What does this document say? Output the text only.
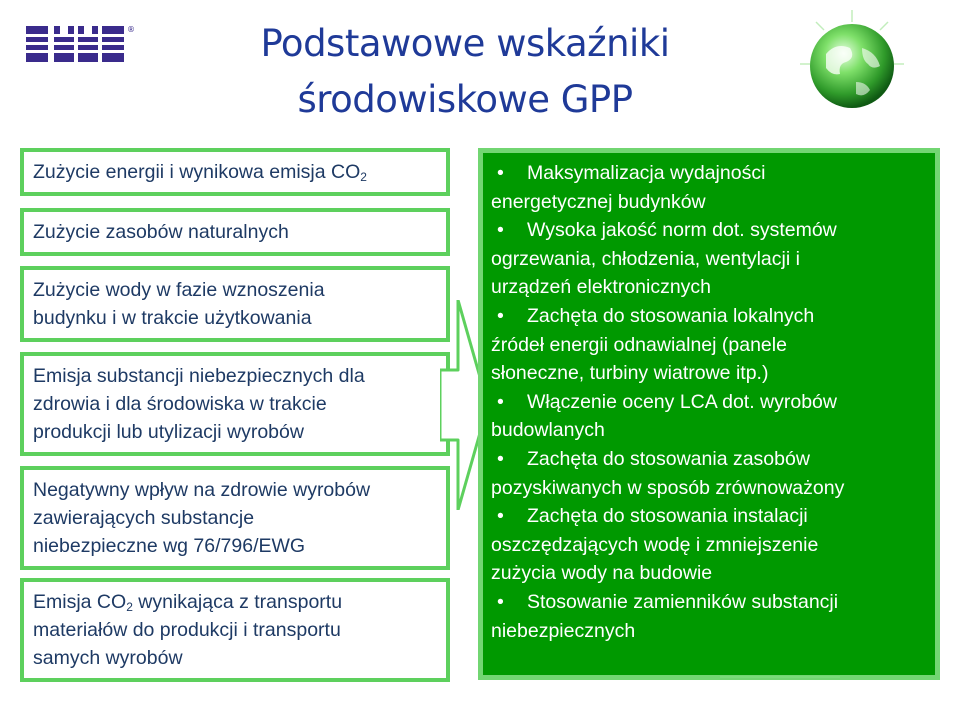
®	Podstawowe wskaźniki
środowiskowe GPP
Zużycie energii i wynikowa emisja $CO_2$
Zużycie zasobów naturalnych
Zużycie wody w fazie wznoszenia
budynku i w trakcie użytkowania
Emisja substancji niebezpiecznych dla
zdrowia i dla środowiska w trakcie
produkcji lub utylizacji wyrobów
Negatywny wpływ na zdrowie wyrobów
zawierających substancje
niebezpieczne wg 76/796/EWG
Emisja $CO_2$ wynikająca z transportu
materiałów do produkcji i transportu
samych wyrobów
•	Maksymalizacja wydajności
energetycznej budynków
•	Wysoka jakość norm dot. systemów
ogrzewania, chłodzenia, wentylacji i
urządzeń elektronicznych
•	Zachęta do stosowania lokalnych
źródeł energii odnawialnej (panele
słoneczne, turbiny wiatrowe itp.)
•	Włączenie oceny LCA dot. wyrobów
budowlanych
•	Zachęta do stosowania zasobów
pozyskiwanych w sposób zrównoważony
•	Zachęta do stosowania instalacji
oszczędzających wodę i zmniejszenie
zużycia wody na budowie
•	Stosowanie zamienników substancji
niebezpiecznych
